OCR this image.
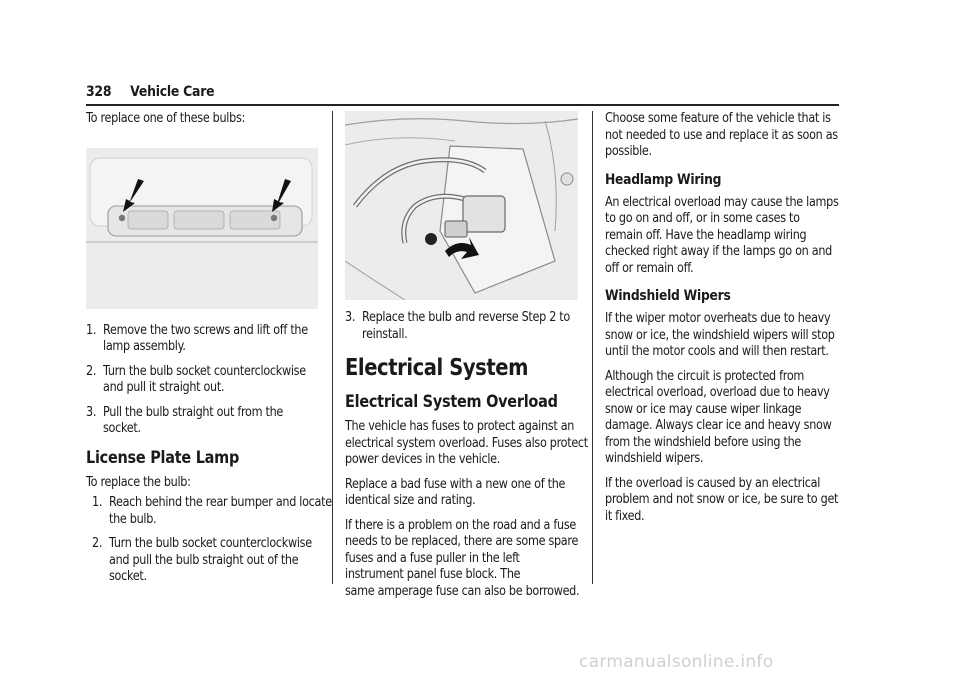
328 Vehicle Care

To replace one of these bulbs:

1. Remove the two screws and lift off the
lamp assembly.
2. Turn the bulb socket counterclockwise
and pull it straight out.
3. Pull the bulb straight out from the
socket.
License Plate Lamp

To replace the bulb:

1. Reach behind the rear bumper and locate
the bulb.
2. Turn the bulb socket counterclockwise
and pull the bulb straight out of the
socket.
3. Replace the bulb and reverse Step 2 to
reinstall.
Electrical System
Electrical System Overload

The vehicle has fuses to protect against an
electrical system overload. Fuses also protect
power devices in the vehicle.

Replace a bad fuse with a new one of the
identical size and rating.

If there is a problem on the road and a fuse
needs to be replaced, there are some spare
fuses and a fuse puller in the left
instrument panel fuse block. The
same amperage fuse can also be borrowed.

Choose some feature of the vehicle that is
not needed to use and replace it as soon as
possible.

Headlamp Wiring

An electrical overload may cause the lamps
to go on and off, or in some cases to
remain off. Have the headlamp wiring
checked right away if the lamps go on and
off or remain off.

Windshield Wipers

If the wiper motor overheats due to heavy
snow or ice, the windshield wipers will stop
until the motor cools and will then restart.

Although the circuit is protected from
electrical overload, overload due to heavy
snow or ice may cause wiper linkage
damage. Always clear ice and heavy snow
from the windshield before using the
windshield wipers.

If the overload is caused by an electrical
problem and not snow or ice, be sure to get
it fixed.

carmanualsonline.info
